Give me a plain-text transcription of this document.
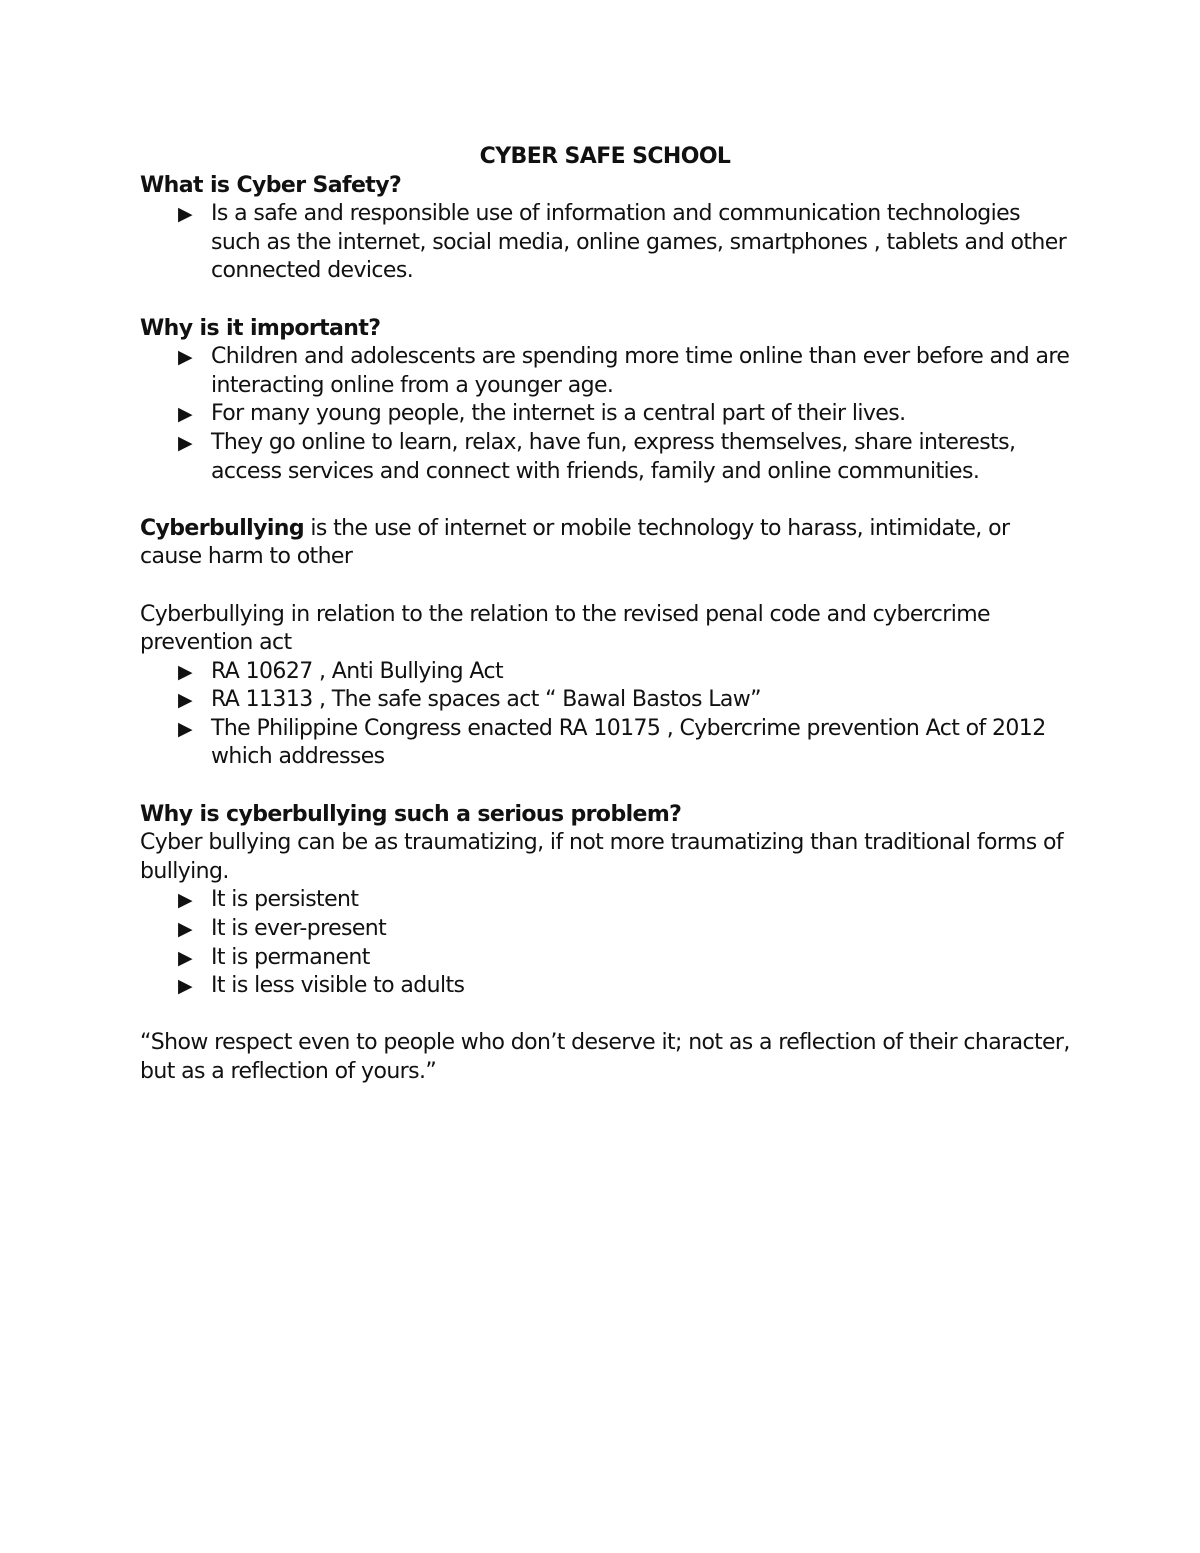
CYBER SAFE SCHOOL

What is Cyber Safety?

▶ Is a safe and responsible use of information and communication technologies such as the internet, social media, online games, smartphones , tablets and other connected devices.

Why is it important?

▶ Children and adolescents are spending more time online than ever before and are interacting online from a younger age.
▶ For many young people, the internet is a central part of their lives.
▶ They go online to learn, relax, have fun, express themselves, share interests, access services and connect with friends, family and online communities.

Cyberbullying is the use of internet or mobile technology to harass, intimidate, or cause harm to other

Cyberbullying in relation to the relation to the revised penal code and cybercrime prevention act

▶ RA 10627 , Anti Bullying Act
▶ RA 11313 , The safe spaces act “ Bawal Bastos Law”
▶ The Philippine Congress enacted RA 10175 , Cybercrime prevention Act of 2012 which addresses

Why is cyberbullying such a serious problem?

Cyber bullying can be as traumatizing, if not more traumatizing than traditional forms of bullying.

▶ It is persistent
▶ It is ever-present
▶ It is permanent
▶ It is less visible to adults

“Show respect even to people who don’t deserve it; not as a reflection of their character, but as a reflection of yours.”
